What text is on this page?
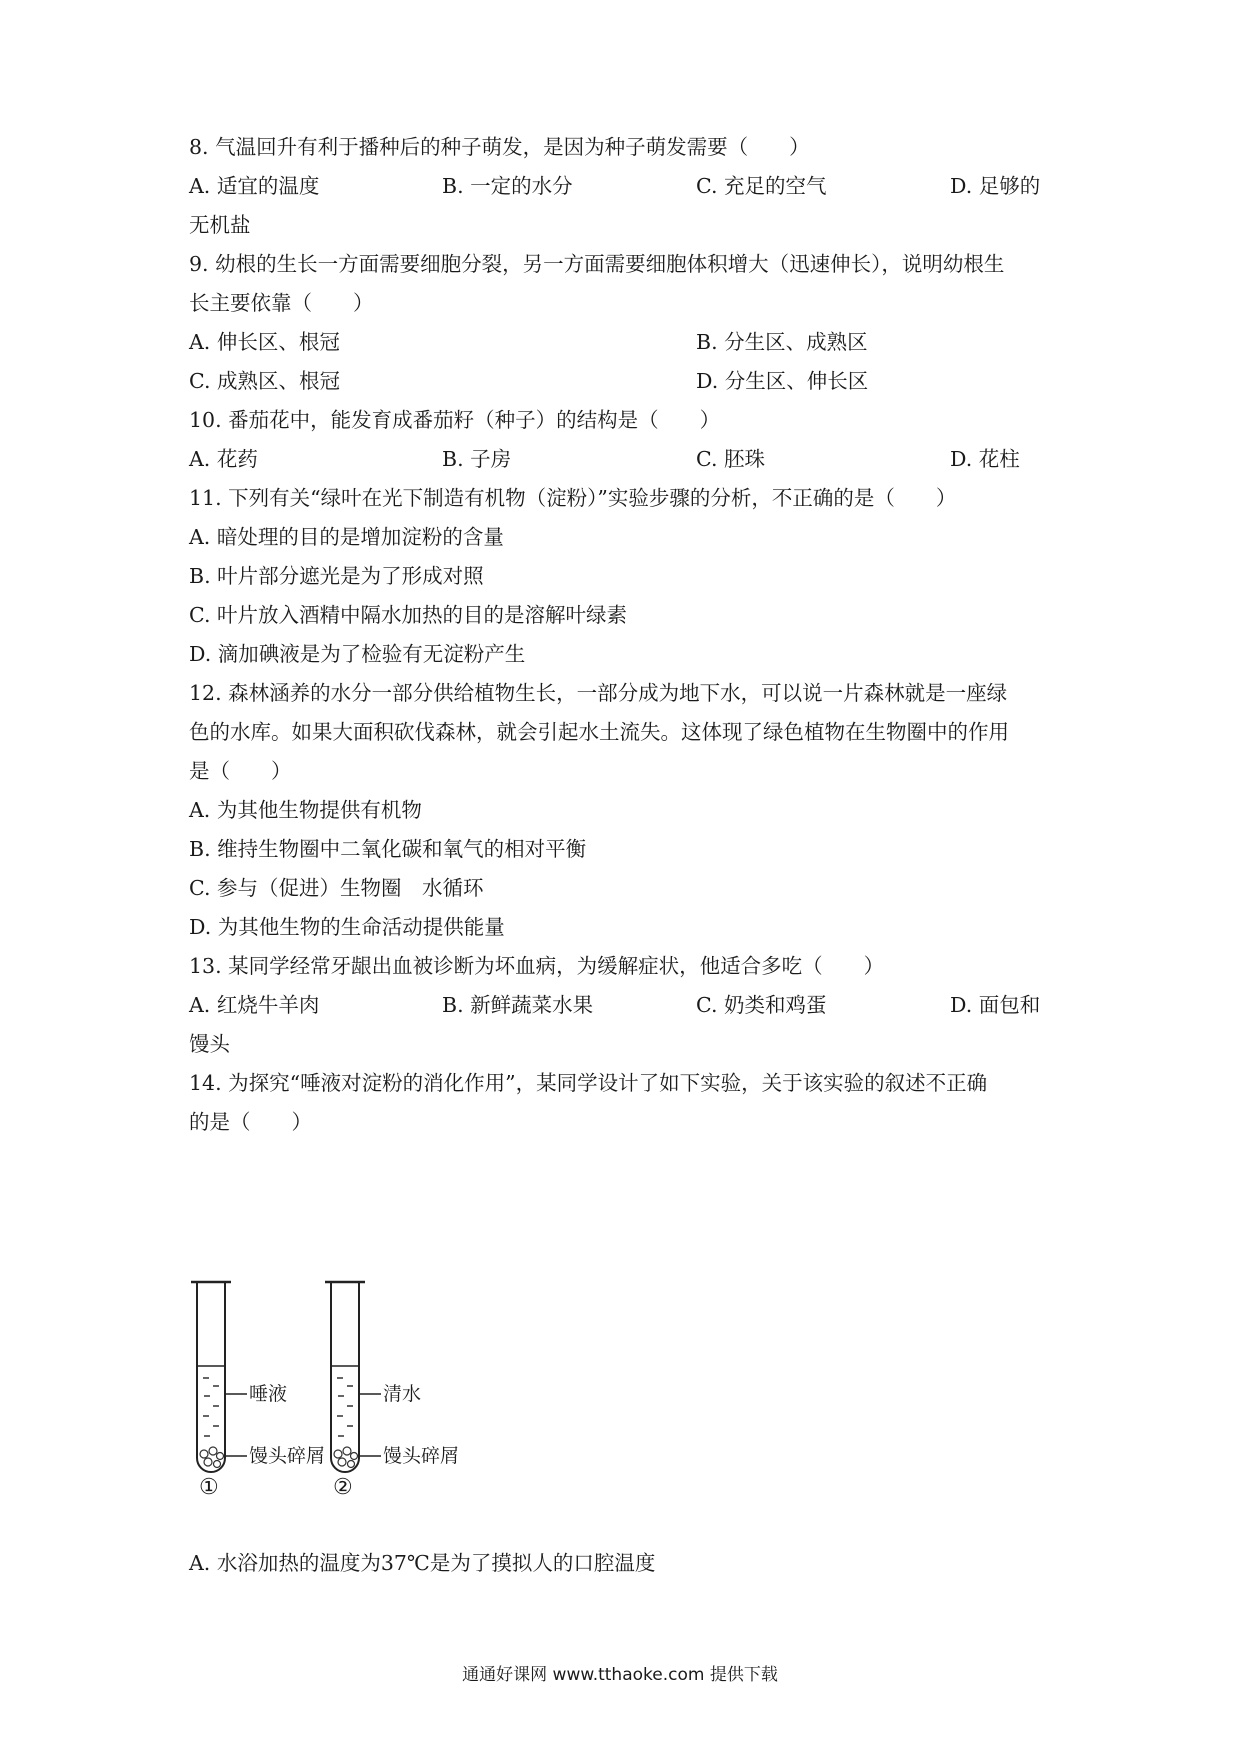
8. 气温回升有利于播种后的种子萌发，是因为种子萌发需要（　　）
A. 适宜的温度	B. 一定的水分	C. 充足的空气	D. 足够的
无机盐
9. 幼根的生长一方面需要细胞分裂，另一方面需要细胞体积增大（迅速伸长），说明幼根生
长主要依靠（　　）
A. 伸长区、根冠	B. 分生区、成熟区
C. 成熟区、根冠	D. 分生区、伸长区
10. 番茄花中，能发育成番茄籽（种子）的结构是（　　）
A. 花药	B. 子房	C. 胚珠	D. 花柱
11. 下列有关“绿叶在光下制造有机物（淀粉）”实验步骤的分析，不正确的是（　　）
A. 暗处理的目的是增加淀粉的含量
B. 叶片部分遮光是为了形成对照
C. 叶片放入酒精中隔水加热的目的是溶解叶绿素
D. 滴加碘液是为了检验有无淀粉产生
12. 森林涵养的水分一部分供给植物生长，一部分成为地下水，可以说一片森林就是一座绿
色的水库。如果大面积砍伐森林，就会引起水土流失。这体现了绿色植物在生物圈中的作用
是（　　）
A. 为其他生物提供有机物
B. 维持生物圈中二氧化碳和氧气的相对平衡
C. 参与（促进）生物圈　水循环
D. 为其他生物的生命活动提供能量
13. 某同学经常牙龈出血被诊断为坏血病，为缓解症状，他适合多吃（　　）
A. 红烧牛羊肉	B. 新鲜蔬菜水果	C. 奶类和鸡蛋	D. 面包和
馒头
14. 为探究“唾液对淀粉的消化作用”，某同学设计了如下实验，关于该实验的叙述不正确
的是（　　）
唾液
馒头碎屑
①
清水
馒头碎屑
②
A. 水浴加热的温度为37℃是为了摸拟人的口腔温度
通通好课网 www.tthaoke.com 提供下载
